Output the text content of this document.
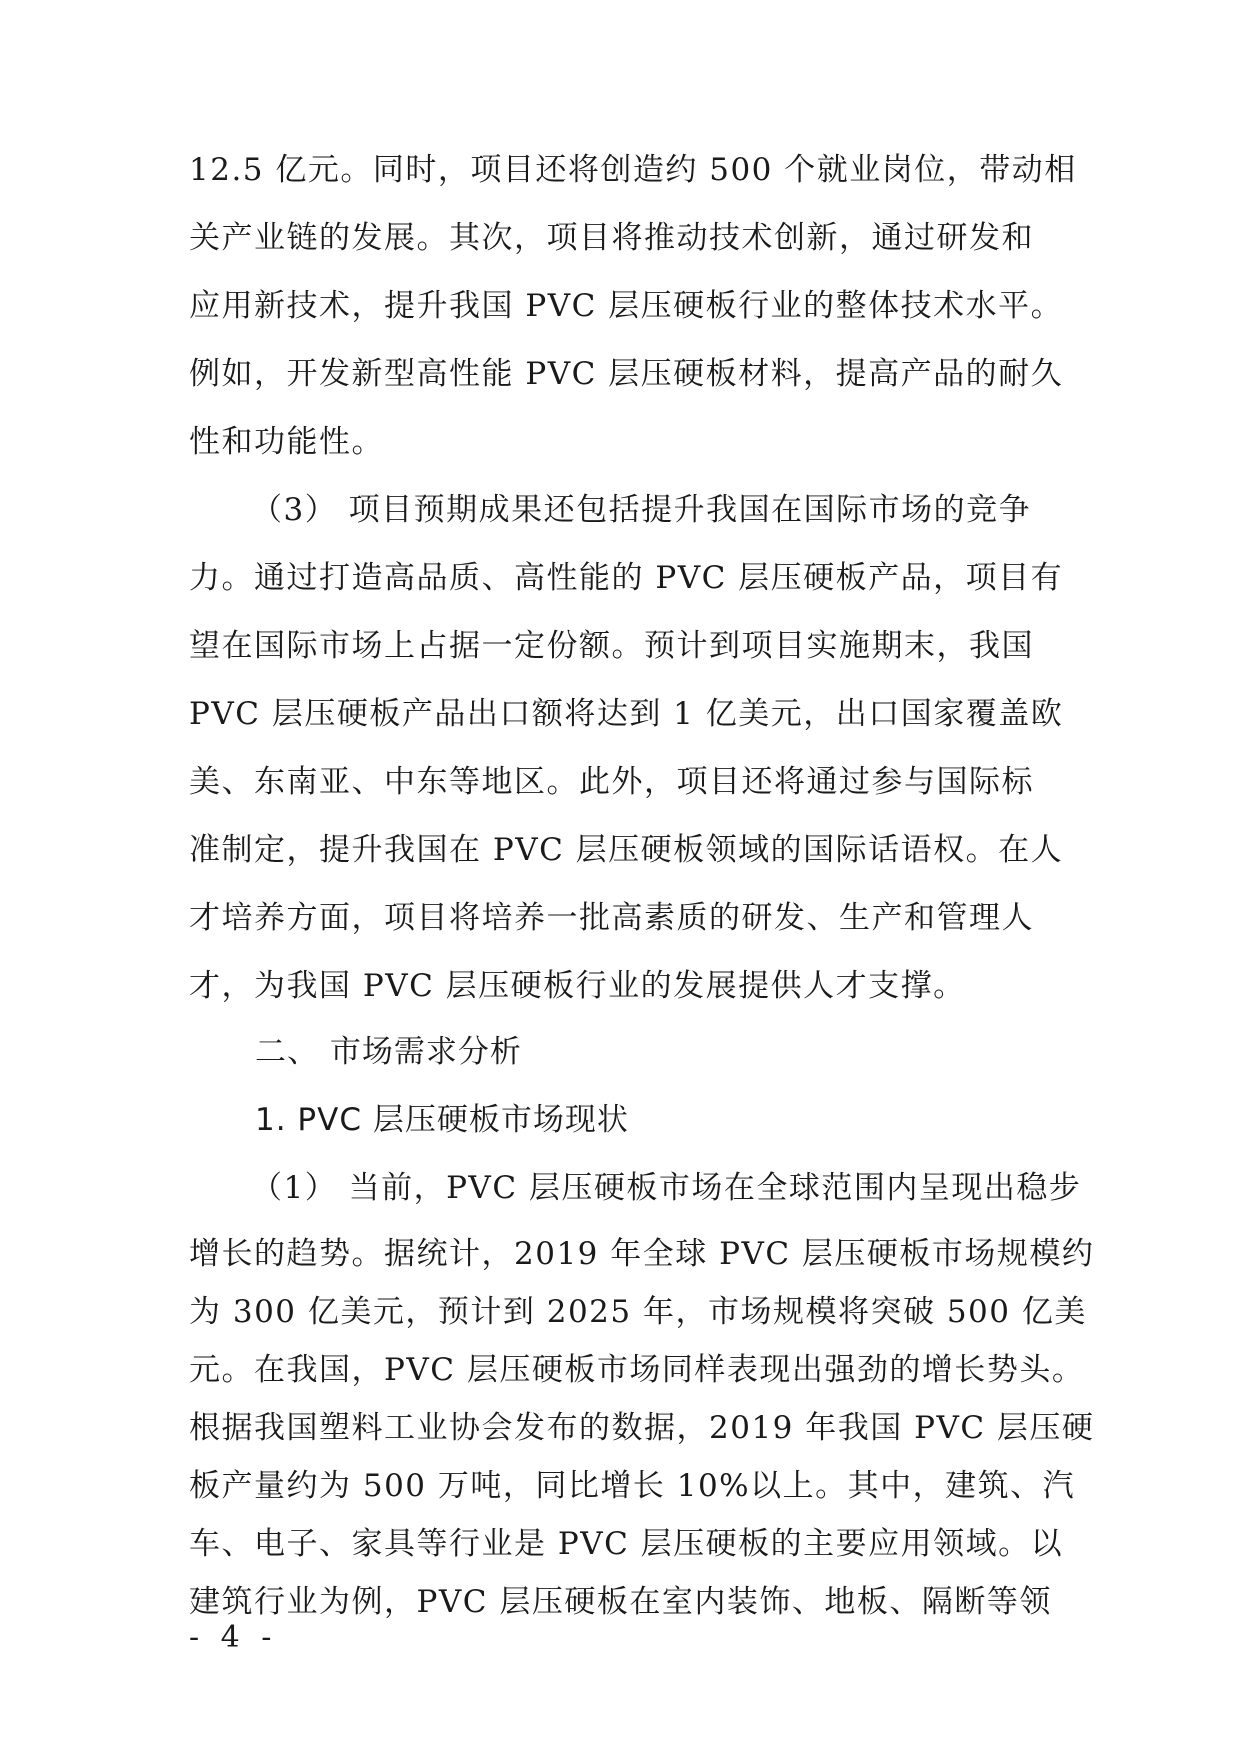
12.5 亿元。同时，项目还将创造约 500 个就业岗位，带动相
关产业链的发展。其次，项目将推动技术创新，通过研发和
应用新技术，提升我国 PVC 层压硬板行业的整体技术水平。
例如，开发新型高性能 PVC 层压硬板材料，提高产品的耐久
性和功能性。
（3） 项目预期成果还包括提升我国在国际市场的竞争
力。通过打造高品质、高性能的 PVC 层压硬板产品，项目有
望在国际市场上占据一定份额。预计到项目实施期末，我国
PVC 层压硬板产品出口额将达到 1 亿美元，出口国家覆盖欧
美、东南亚、中东等地区。此外，项目还将通过参与国际标
准制定，提升我国在 PVC 层压硬板领域的国际话语权。在人
才培养方面，项目将培养一批高素质的研发、生产和管理人
才，为我国 PVC 层压硬板行业的发展提供人才支撑。
二、 市场需求分析
1. PVC 层压硬板市场现状
（1） 当前，PVC 层压硬板市场在全球范围内呈现出稳步
- 4 -
增长的趋势。据统计，2019 年全球 PVC 层压硬板市场规模约
为 300 亿美元，预计到 2025 年，市场规模将突破 500 亿美
元。在我国，PVC 层压硬板市场同样表现出强劲的增长势头。
根据我国塑料工业协会发布的数据，2019 年我国 PVC 层压硬
板产量约为 500 万吨，同比增长 10%以上。其中，建筑、汽
车、电子、家具等行业是 PVC 层压硬板的主要应用领域。以
建筑行业为例，PVC 层压硬板在室内装饰、地板、隔断等领
